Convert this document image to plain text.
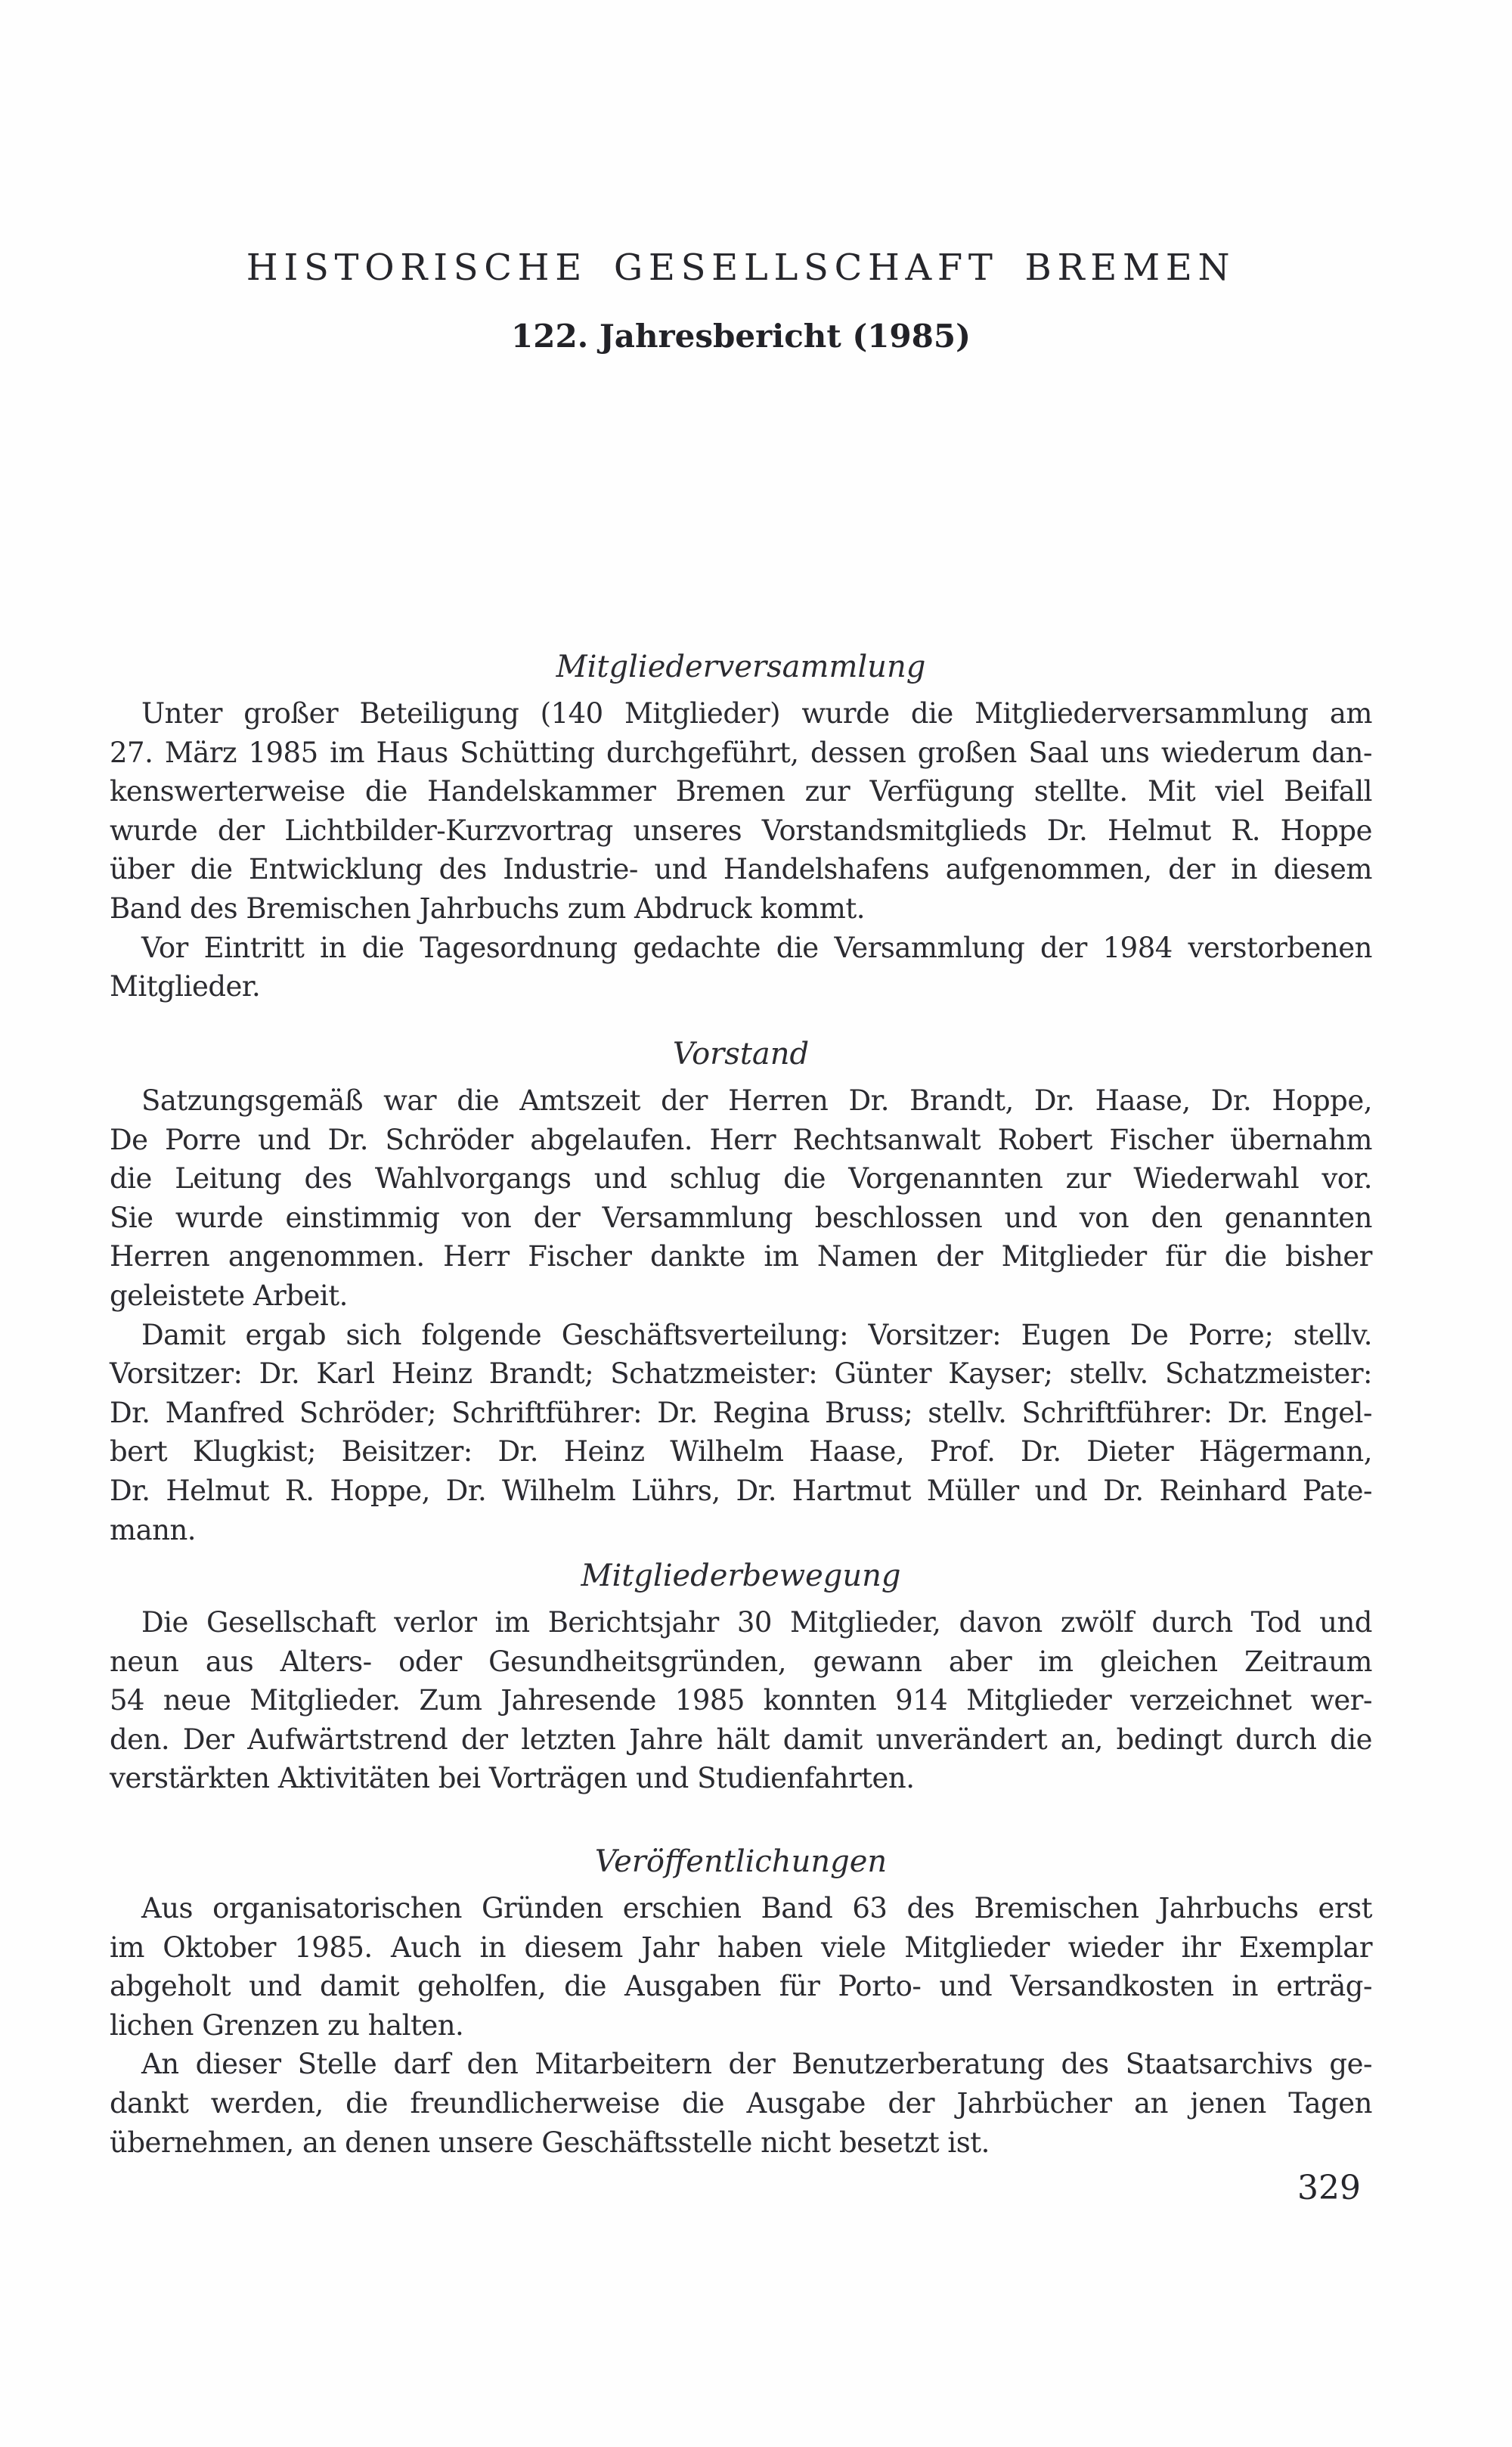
HISTORISCHE GESELLSCHAFT BREMEN
122. Jahresbericht (1985)
Mitgliederversammlung
Unter großer Beteiligung (140 Mitglieder) wurde die Mitgliederversammlung am
27. März 1985 im Haus Schütting durchgeführt, dessen großen Saal uns wiederum dan-
kenswerterweise die Handelskammer Bremen zur Verfügung stellte. Mit viel Beifall
wurde der Lichtbilder-Kurzvortrag unseres Vorstandsmitglieds Dr. Helmut R. Hoppe
über die Entwicklung des Industrie- und Handelshafens aufgenommen, der in diesem
Band des Bremischen Jahrbuchs zum Abdruck kommt.
Vor Eintritt in die Tagesordnung gedachte die Versammlung der 1984 verstorbenen
Mitglieder.
Vorstand
Satzungsgemäß war die Amtszeit der Herren Dr. Brandt, Dr. Haase, Dr. Hoppe,
De Porre und Dr. Schröder abgelaufen. Herr Rechtsanwalt Robert Fischer übernahm
die Leitung des Wahlvorgangs und schlug die Vorgenannten zur Wiederwahl vor.
Sie wurde einstimmig von der Versammlung beschlossen und von den genannten
Herren angenommen. Herr Fischer dankte im Namen der Mitglieder für die bisher
geleistete Arbeit.
Damit ergab sich folgende Geschäftsverteilung: Vorsitzer: Eugen De Porre; stellv.
Vorsitzer: Dr. Karl Heinz Brandt; Schatzmeister: Günter Kayser; stellv. Schatzmeister:
Dr. Manfred Schröder; Schriftführer: Dr. Regina Bruss; stellv. Schriftführer: Dr. Engel-
bert Klugkist; Beisitzer: Dr. Heinz Wilhelm Haase, Prof. Dr. Dieter Hägermann,
Dr. Helmut R. Hoppe, Dr. Wilhelm Lührs, Dr. Hartmut Müller und Dr. Reinhard Pate-
mann.
Mitgliederbewegung
Die Gesellschaft verlor im Berichtsjahr 30 Mitglieder, davon zwölf durch Tod und
neun aus Alters- oder Gesundheitsgründen, gewann aber im gleichen Zeitraum
54 neue Mitglieder. Zum Jahresende 1985 konnten 914 Mitglieder verzeichnet wer-
den. Der Aufwärtstrend der letzten Jahre hält damit unverändert an, bedingt durch die
verstärkten Aktivitäten bei Vorträgen und Studienfahrten.
Veröffentlichungen
Aus organisatorischen Gründen erschien Band 63 des Bremischen Jahrbuchs erst
im Oktober 1985. Auch in diesem Jahr haben viele Mitglieder wieder ihr Exemplar
abgeholt und damit geholfen, die Ausgaben für Porto- und Versandkosten in erträg-
lichen Grenzen zu halten.
An dieser Stelle darf den Mitarbeitern der Benutzerberatung des Staatsarchivs ge-
dankt werden, die freundlicherweise die Ausgabe der Jahrbücher an jenen Tagen
übernehmen, an denen unsere Geschäftsstelle nicht besetzt ist.
329
